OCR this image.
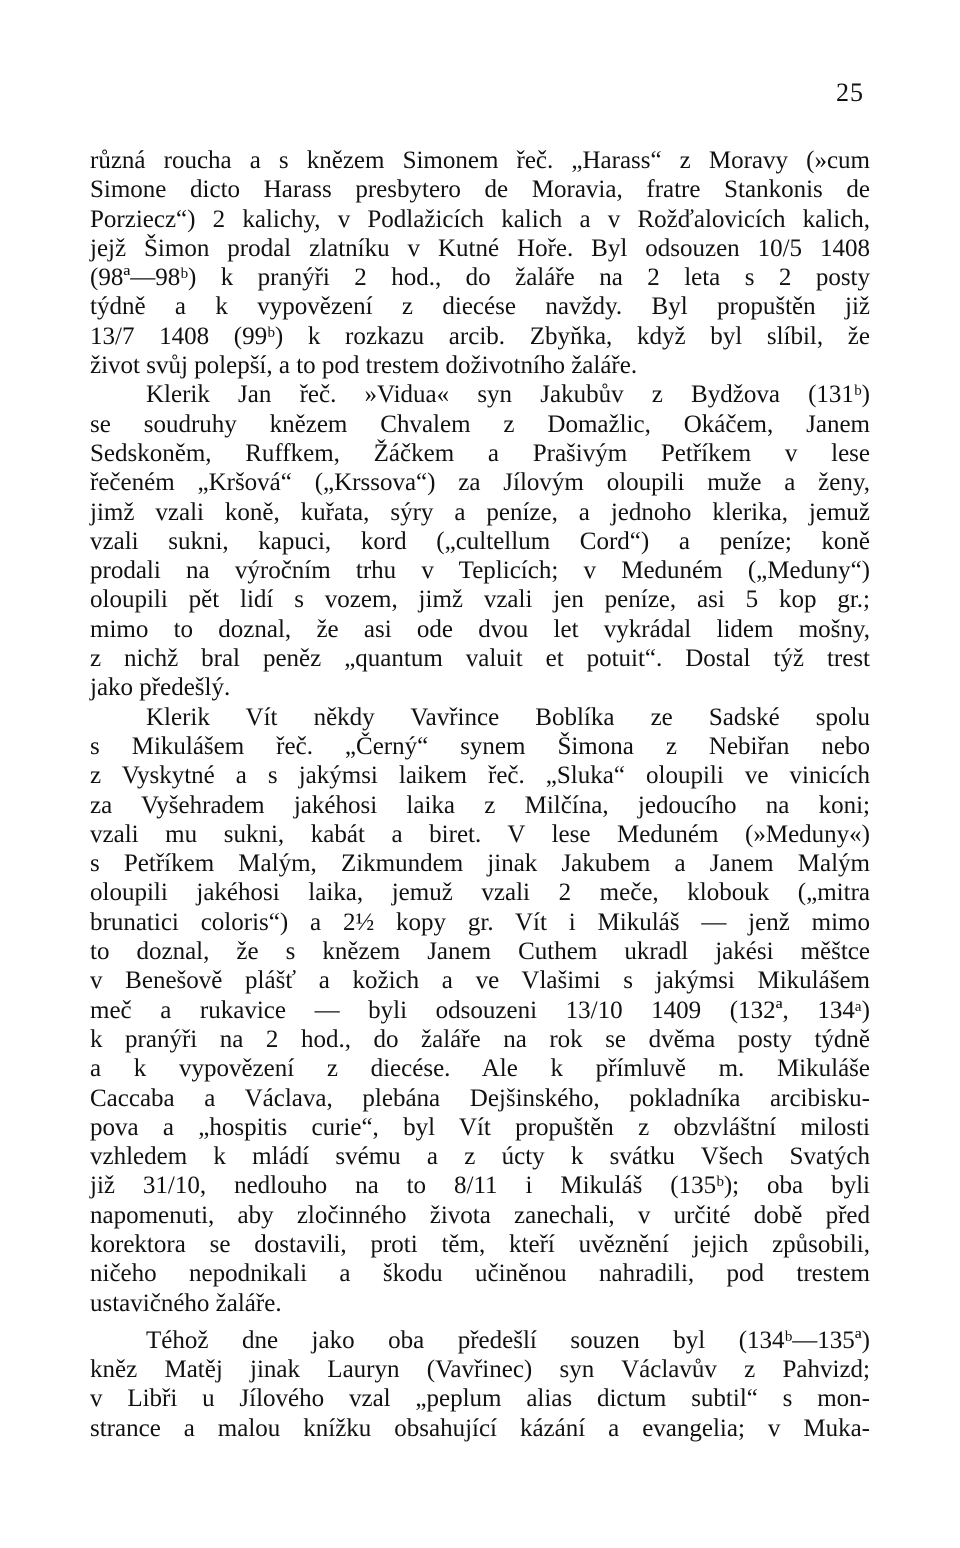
25
různá roucha a s knězem Simonem řeč. „Harass“ z Moravy (»cum
Simone dicto Harass presbytero de Moravia, fratre Stankonis de
Porziecz“) 2 kalichy, v Podlažicích kalich a v Rožďalovicích kalich,
jejž Šimon prodal zlatníku v Kutné Hoře. Byl odsouzen 10/5 1408
(98ª—98ᵇ) k pranýři 2 hod., do žaláře na 2 leta s 2 posty
týdně a k vypovězení z diecése navždy. Byl propuštěn již
13/7 1408 (99ᵇ) k rozkazu arcib. Zbyňka, když byl slíbil, že
život svůj polepší, a to pod trestem doživotního žaláře.
Klerik Jan řeč. »Vidua« syn Jakubův z Bydžova (131ᵇ)
se soudruhy knězem Chvalem z Domažlic, Okáčem, Janem
Sedskoněm, Ruffkem, Žáčkem a Prašivým Petříkem v lese
řečeném „Kršová“ („Krssova“) za Jílovým oloupili muže a ženy,
jimž vzali koně, kuřata, sýry a peníze, a jednoho klerika, jemuž
vzali sukni, kapuci, kord („cultellum Cord“) a peníze; koně
prodali na výročním trhu v Teplicích; v Meduném („Meduny“)
oloupili pět lidí s vozem, jimž vzali jen peníze, asi 5 kop gr.;
mimo to doznal, že asi ode dvou let vykrádal lidem mošny,
z nichž bral peněz „quantum valuit et potuit“. Dostal týž trest
jako předešlý.
Klerik Vít někdy Vavřince Boblíka ze Sadské spolu
s Mikulášem řeč. „Černý“ synem Šimona z Nebiřan nebo
z Vyskytné a s jakýmsi laikem řeč. „Sluka“ oloupili ve vinicích
za Vyšehradem jakéhosi laika z Milčína, jedoucího na koni;
vzali mu sukni, kabát a biret. V lese Meduném (»Meduny«)
s Petříkem Malým, Zikmundem jinak Jakubem a Janem Malým
oloupili jakéhosi laika, jemuž vzali 2 meče, klobouk („mitra
brunatici coloris“) a 2½ kopy gr. Vít i Mikuláš — jenž mimo
to doznal, že s knězem Janem Cuthem ukradl jakési měštce
v Benešově plášť a kožich a ve Vlašimi s jakýmsi Mikulášem
meč a rukavice — byli odsouzeni 13/10 1409 (132ª, 134ᵃ)
k pranýři na 2 hod., do žaláře na rok se dvěma posty týdně
a k vypovězení z diecése. Ale k přímluvě m. Mikuláše
Caccaba a Václava, plebána Dejšinského, pokladníka arcibisku-
pova a „hospitis curie“, byl Vít propuštěn z obzvláštní milosti
vzhledem k mládí svému a z úcty k svátku Všech Svatých
již 31/10, nedlouho na to 8/11 i Mikuláš (135ᵇ); oba byli
napomenuti, aby zločinného života zanechali, v určité době před
korektora se dostavili, proti těm, kteří uvěznění jejich způsobili,
ničeho nepodnikali a škodu učiněnou nahradili, pod trestem
ustavičného žaláře.
Téhož dne jako oba předešlí souzen byl (134ᵇ—135ª)
kněz Matěj jinak Lauryn (Vavřinec) syn Václavův z Pahvizd;
v Libři u Jílového vzal „peplum alias dictum subtil“ s mon-
strance a malou knížku obsahující kázání a evangelia; v Muka-
